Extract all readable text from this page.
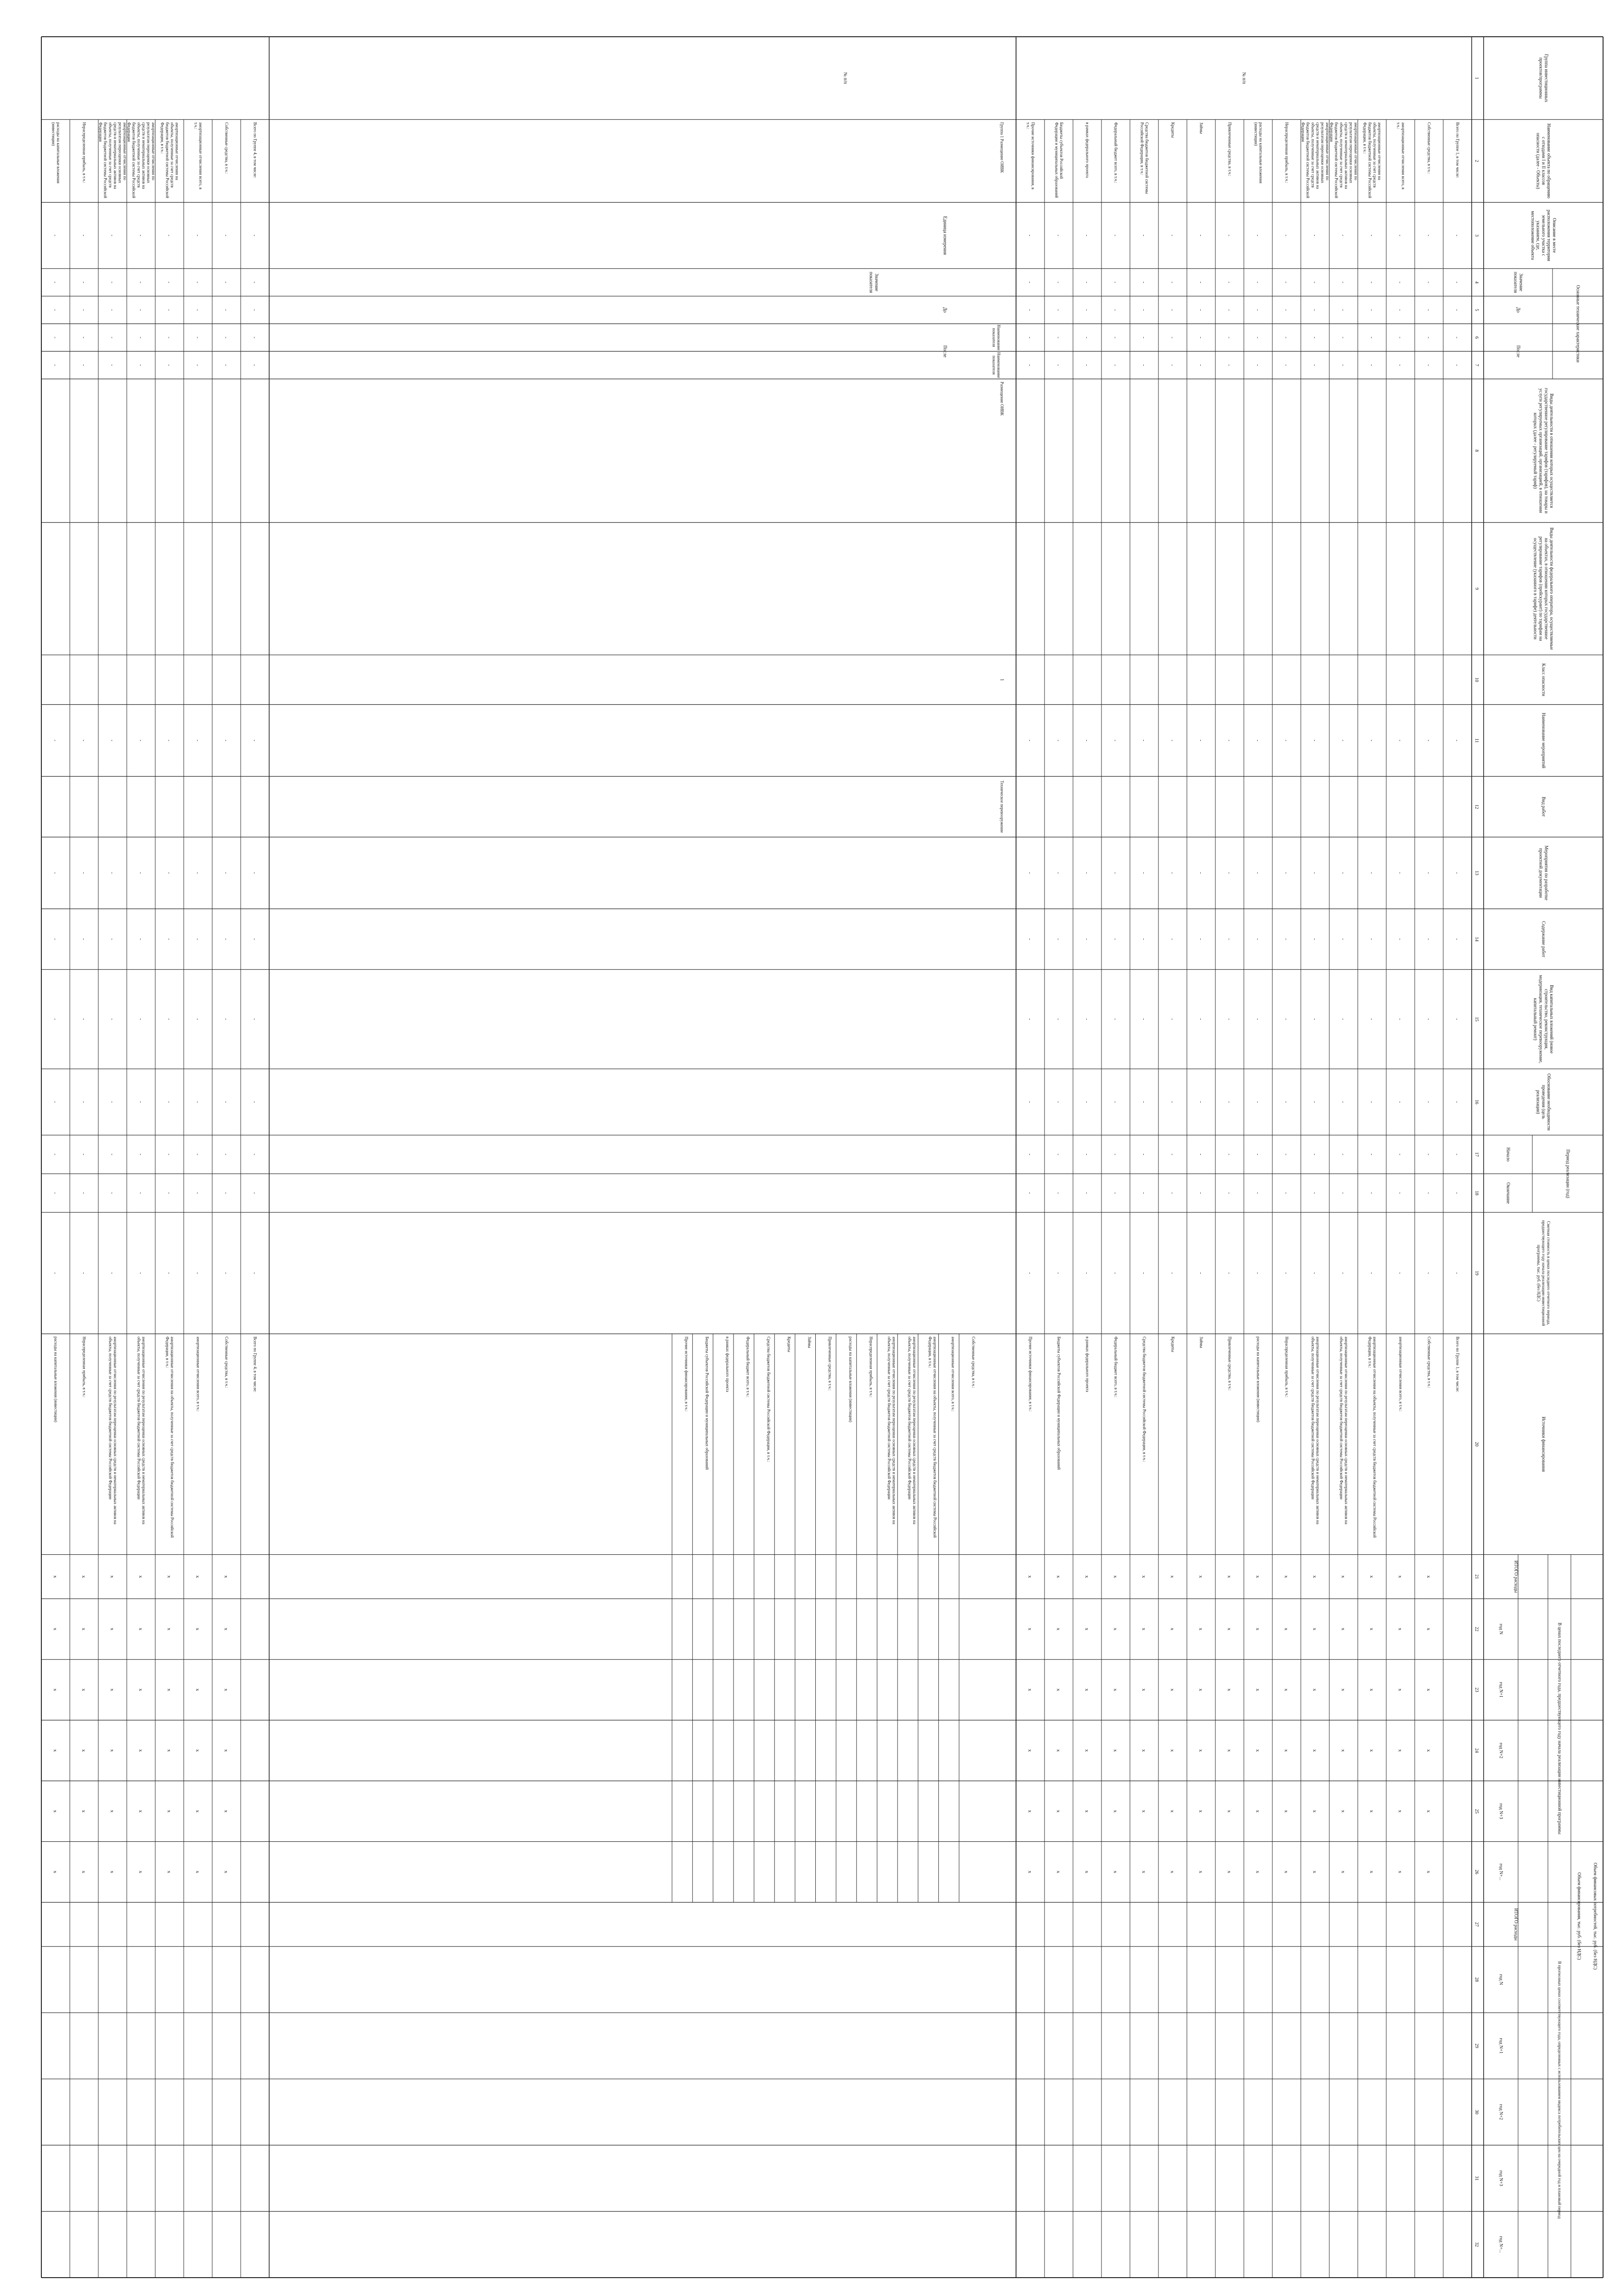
Группа инвестиционныхпроектов/программы
Наименование объекта по обращениюс отходами I и II классовопасности (далее - Объекты)
Описание в местерасположения территорииземельного участка суказанием, где,местоположение объекта
Основные технические характеристики
Виды деятельности в отношении которых осуществляетсягосударственное регулирование тарифов (тарифов), на товары иуслуги регулируемых организаций, организацией, в отношениикоторых (далее - регулируемый тариф)
Виды деятельности федерального оператора, осуществляемыена объектах, в отношении которых государственноерегулирование тарифов (прейскурант) по тарифам наосуществление (указанного в тарифе) деятельности
Класс опасности
Наименование мероприятий
Вид работ
Мероприятия по разработкепроектной документации
Содержание работ
Вид капитальных вложений (новоестроительство, реконструкция,модернизация, техническое перевооружение,капитальный ремонт)
Обоснование необходимостипроведения (цельреализации)
Период реализации (год)
Начало
Окончание
Сметная стоимость в ценах последнего отчетного периода,предшествующего году начала реализации инвестиционнойпрограммы, тыс. руб. (без НДС)
Источники финансирования
Объем финансовых потребностей, тыс. руб. (без НДС)
Объем финансирования, тыс. руб. (без НДС)
В ценах последнего отчетного года, предшествующего году начала реализации инвестиционной программы
В прогнозных ценах соответствующего года, определенных с использованием индекса потребительских цен на очередной год и плановый период
ИТОГО расходы
ИТОГО расходы
год N
год N
год N+1
год N+1
год N+2
год N+2
год N+3
год N+3
год N+...
год N+...
Значениепоказателя
До
После
1
2
3
4
5
6
7
8
9
10
11
12
13
14
15
16
17
18
19
20
21
22
23
24
25
26
27
28
29
30
31
32
№ п/п
Всего по Группе 1, в том числе:
Всего по Группе 1, в том числе:
-
-
-
-
-
-
-
-
-
-
-
-
-
Собственные средства, в т.ч.:
Собственные средства, в т.ч.:
-
-
-
-
-
-
-
-
-
-
-
-
-
х
х
х
х
х
х
амортизационные отчисления всего, вт.ч.:
амортизационные отчисления всего, в т.ч.:
-
-
-
-
-
-
-
-
-
-
-
-
-
х
х
х
х
х
х
амортизационные отчисления наобъекты, полученные за счет средствбюджетов бюджетной системы РоссийскойФедерации, в т.ч.:
амортизационные отчисления на объекты, полученные за счет средств бюджетов бюджетной системы РоссийскойФедерации, в т.ч.:
-
-
-
-
-
-
-
-
-
-
-
-
-
х
х
х
х
х
х
амортизационные отчисления порезультатам переоценки основныхсредств и нематериальных активов наобъекты, полученные за счет средствбюджетов бюджетной системы РоссийскойФедерации
амортизационные отчисления по результатам переоценки основных средств и нематериальных активов наобъекты, полученные за счет средств бюджетов бюджетной системы Российской Федерации
-
-
-
-
-
-
-
-
-
-
-
-
-
х
х
х
х
х
х
амортизационные отчисления порезультатам переоценки основныхсредств и нематериальных активов наобъекты, полученные за счет средствбюджетов бюджетной системы РоссийскойФедерации
амортизационные отчисления по результатам переоценки основных средств и нематериальных активов наобъекты, полученные за счет средств бюджетов бюджетной системы Российской Федерации
-
-
-
-
-
-
-
-
-
-
-
-
-
х
х
х
х
х
х
Нераспределенная прибыль, в т.ч.:
Нераспределенная прибыль, в т.ч.:
-
-
-
-
-
-
-
-
-
-
-
-
-
х
х
х
х
х
х
расходы на капитальные вложения(инвестиции)
расходы на капитальные вложения (инвестиции)
-
-
-
-
-
-
-
-
-
-
-
-
-
х
х
х
х
х
х
Привлеченные средства, в т.ч.:
Привлеченные средства, в т.ч.:
-
-
-
-
-
-
-
-
-
-
-
-
-
х
х
х
х
х
х
Займы
Займы
-
-
-
-
-
-
-
-
-
-
-
-
-
х
х
х
х
х
х
Кредиты
Кредиты
-
-
-
-
-
-
-
-
-
-
-
-
-
х
х
х
х
х
х
Средства бюджетов бюджетной системыРоссийской Федерации, в т.ч.:
Средства бюджетов бюджетной системы Российской Федерации, в т.ч.:
-
-
-
-
-
-
-
-
-
-
-
-
-
х
х
х
х
х
х
Федеральный бюджет всего, в т.ч.:
Федеральный бюджет всего, в т.ч.:
-
-
-
-
-
-
-
-
-
-
-
-
-
х
х
х
х
х
х
в рамках федерального проекта
в рамках федерального проекта
-
-
-
-
-
-
-
-
-
-
-
-
-
х
х
х
х
х
х
Бюджеты субъектов РоссийскойФедерации и муниципальных образований
Бюджеты субъектов Российской Федерации и муниципальных образований
-
-
-
-
-
-
-
-
-
-
-
-
-
х
х
х
х
х
х
Прочие источники финансирования, вт.ч.:
Прочие источники финансирования, в т.ч.:
-
-
-
-
-
-
-
-
-
-
-
-
-
х
х
х
х
х
х
Группа 1 Размещение ОИВК
Размещение ОИВК
1
Техническое перевооружение
Собственные средства, в т.ч.:
амортизационные отчисления всего, в т.ч.:
амортизационные отчисления на объекты, полученные за счет средств бюджетов бюджетной системы РоссийскойФедерации, в т.ч.:
амортизационные отчисления по результатам переоценки основных средств и нематериальных активов наобъекты, полученные за счет средств бюджетов бюджетной системы Российской Федерации
амортизационные отчисления по результатам переоценки основных средств и нематериальных активов наобъекты, полученные за счет средств бюджетов бюджетной системы Российской Федерации
Нераспределенная прибыль, в т.ч.:
расходы на капитальные вложения (инвестиции)
Привлеченные средства, в т.ч.:
Займы
Кредиты
Средства бюджетов бюджетной системы Российской Федерации, в т.ч.:
Федеральный бюджет всего, в т.ч.:
в рамках федерального проекта
Бюджеты субъектов Российской Федерации и муниципальных образований
Прочие источники финансирования, в т.ч.:
Единица измерения
До
После
Значениепоказателя
Наименованиепоказателя
Наименованиепоказателя
№ п/п
Всего по Группе 4, в том числе:
Всего по Группе 4, в том числе:
-
-
-
-
-
-
-
-
-
-
-
-
-
Собственные средства, в т.ч.:
Собственные средства, в т.ч.:
-
-
-
-
-
-
-
-
-
-
-
-
-
х
х
х
х
х
х
амортизационные отчисления всего, вт.ч.:
амортизационные отчисления всего, в т.ч.:
-
-
-
-
-
-
-
-
-
-
-
-
-
х
х
х
х
х
х
амортизационные отчисления наобъекты, полученные за счет средствбюджетов бюджетной системы РоссийскойФедерации, в т.ч.:
амортизационные отчисления на объекты, полученные за счет средств бюджетов бюджетной системы РоссийскойФедерации, в т.ч.:
-
-
-
-
-
-
-
-
-
-
-
-
-
х
х
х
х
х
х
амортизационные отчисления порезультатам переоценки основныхсредств и нематериальных активов наобъекты, полученные за счет средствбюджетов бюджетной системы РоссийскойФедерации
амортизационные отчисления по результатам переоценки основных средств и нематериальных активов наобъекты, полученные за счет средств бюджетов бюджетной системы Российской Федерации
-
-
-
-
-
-
-
-
-
-
-
-
-
х
х
х
х
х
х
амортизационные отчисления порезультатам переоценки основныхсредств и нематериальных активов наобъекты, полученные за счет средствбюджетов бюджетной системы РоссийскойФедерации
амортизационные отчисления по результатам переоценки основных средств и нематериальных активов наобъекты, полученные за счет средств бюджетов бюджетной системы Российской Федерации
-
-
-
-
-
-
-
-
-
-
-
-
-
х
х
х
х
х
х
Нераспределенная прибыль, в т.ч.:
Нераспределенная прибыль, в т.ч.:
-
-
-
-
-
-
-
-
-
-
-
-
-
х
х
х
х
х
х
расходы на капитальные вложения(инвестиции)
расходы на капитальные вложения (инвестиции)
-
-
-
-
-
-
-
-
-
-
-
-
-
х
х
х
х
х
х
